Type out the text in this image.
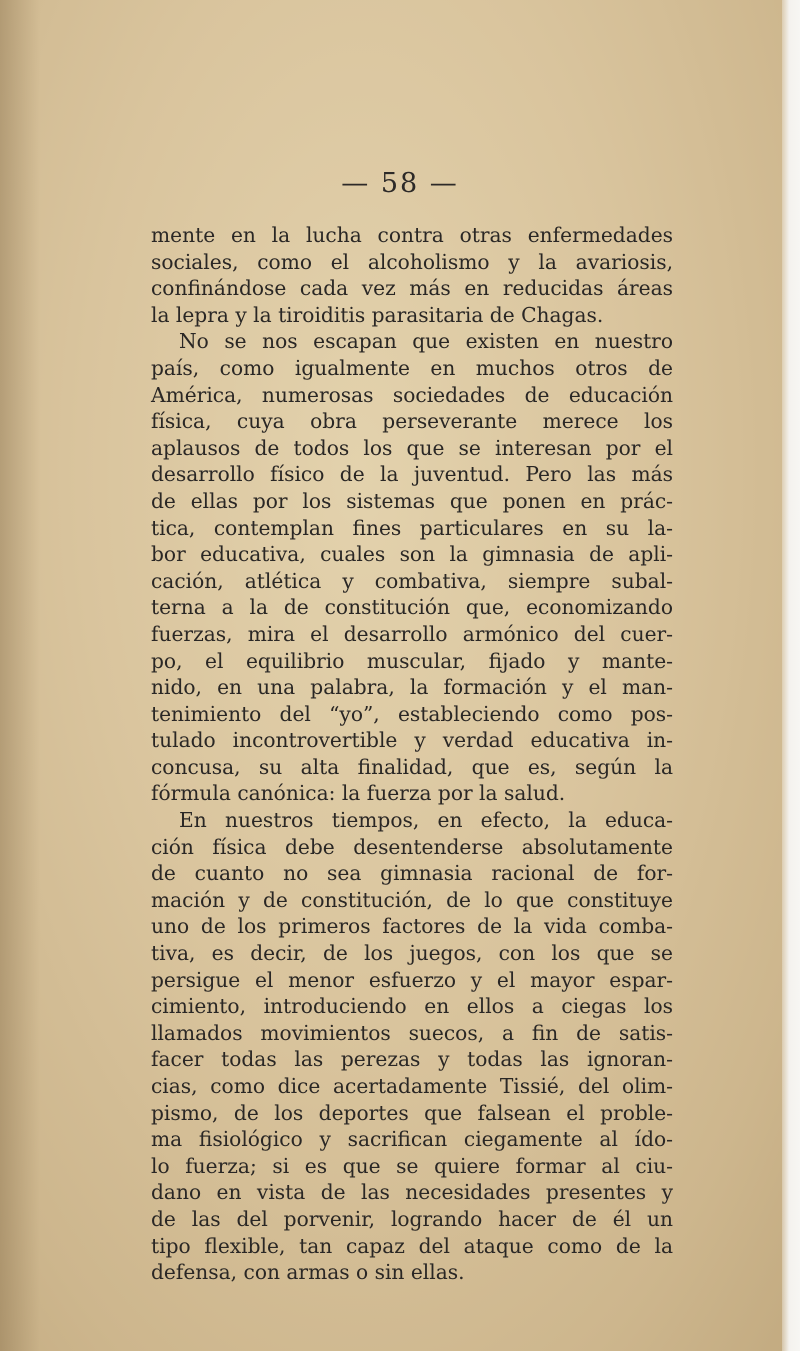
— 58 —
mente en la lucha contra otras enfermedades
sociales, como el alcoholismo y la avariosis,
confinándose cada vez más en reducidas áreas
la lepra y la tiroiditis parasitaria de Chagas.
No se nos escapan que existen en nuestro
país, como igualmente en muchos otros de
América, numerosas sociedades de educación
física, cuya obra perseverante merece los
aplausos de todos los que se interesan por el
desarrollo físico de la juventud. Pero las más
de ellas por los sistemas que ponen en prác-
tica, contemplan fines particulares en su la-
bor educativa, cuales son la gimnasia de apli-
cación, atlética y combativa, siempre subal-
terna a la de constitución que, economizando
fuerzas, mira el desarrollo armónico del cuer-
po, el equilibrio muscular, fijado y mante-
nido, en una palabra, la formación y el man-
tenimiento del “yo”, estableciendo como pos-
tulado incontrovertible y verdad educativa in-
concusa, su alta finalidad, que es, según la
fórmula canónica: la fuerza por la salud.
En nuestros tiempos, en efecto, la educa-
ción física debe desentenderse absolutamente
de cuanto no sea gimnasia racional de for-
mación y de constitución, de lo que constituye
uno de los primeros factores de la vida comba-
tiva, es decir, de los juegos, con los que se
persigue el menor esfuerzo y el mayor espar-
cimiento, introduciendo en ellos a ciegas los
llamados movimientos suecos, a fin de satis-
facer todas las perezas y todas las ignoran-
cias, como dice acertadamente Tissié, del olim-
pismo, de los deportes que falsean el proble-
ma fisiológico y sacrifican ciegamente al ído-
lo fuerza; si es que se quiere formar al ciu-
dano en vista de las necesidades presentes y
de las del porvenir, logrando hacer de él un
tipo flexible, tan capaz del ataque como de la
defensa, con armas o sin ellas.
